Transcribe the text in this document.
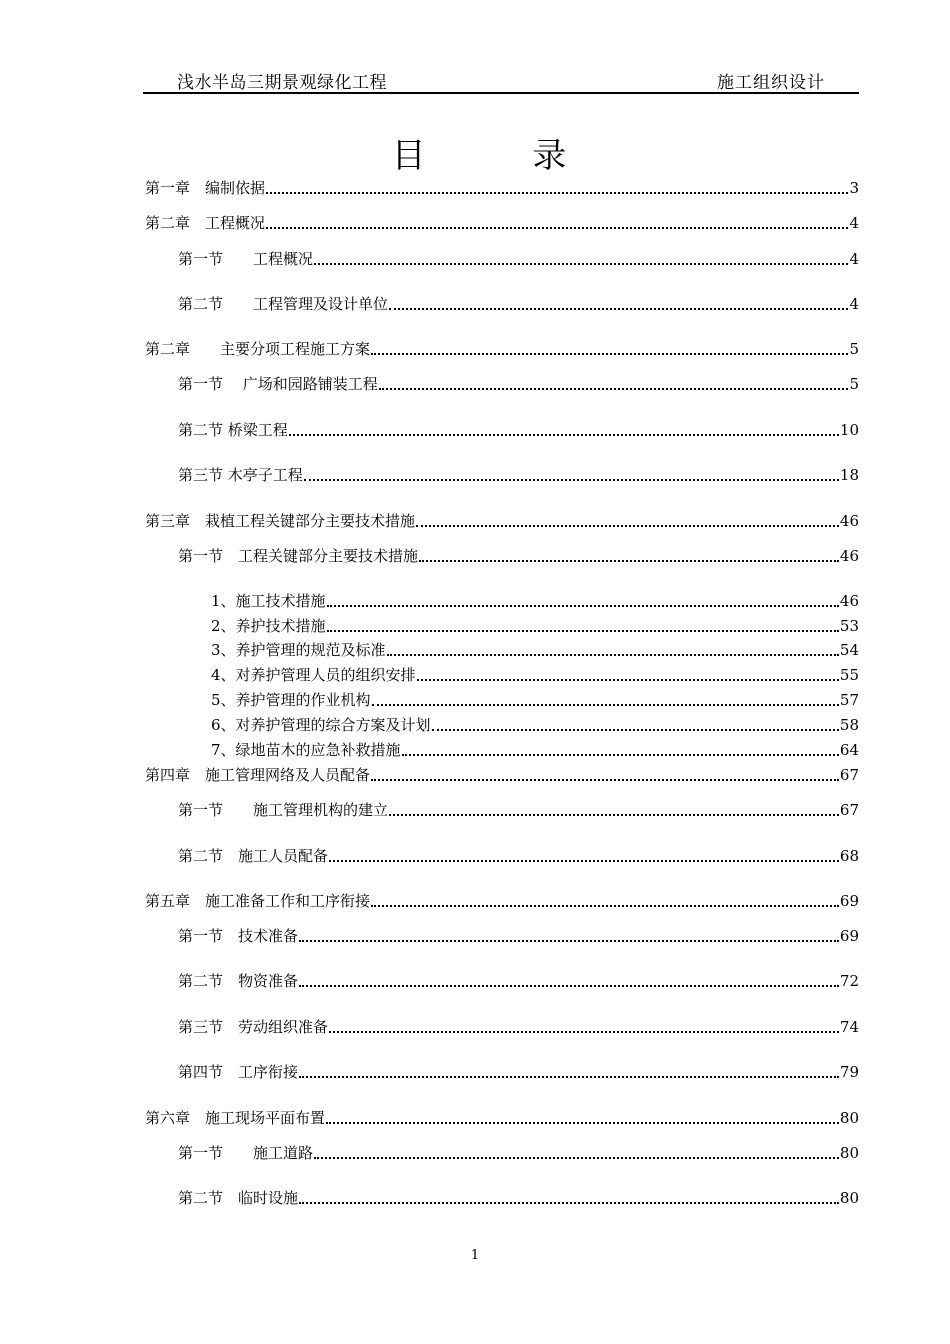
浅水半岛三期景观绿化工程	施工组织设计
目 录
第一章　编制依据	3
第二章　工程概况	4
第一节　　工程概况	4
第二节　　工程管理及设计单位	4
第二章　　主要分项工程施工方案	5
第一节　 广场和园路铺装工程	5
第二节 桥梁工程	10
第三节 木亭子工程	18
第三章　栽植工程关键部分主要技术措施	46
第一节　工程关键部分主要技术措施	46
1、施工技术措施	46
2、养护技术措施	53
3、养护管理的规范及标准	54
4、对养护管理人员的组织安排	55
5、养护管理的作业机构	57
6、对养护管理的综合方案及计划	58
7、绿地苗木的应急补救措施	64
第四章　施工管理网络及人员配备	67
第一节　　施工管理机构的建立	67
第二节　施工人员配备	68
第五章　施工准备工作和工序衔接	69
第一节　技术准备	69
第二节　物资准备	72
第三节　劳动组织准备	74
第四节　工序衔接	79
第六章　施工现场平面布置	80
第一节　　施工道路	80
第二节　临时设施	80
1
